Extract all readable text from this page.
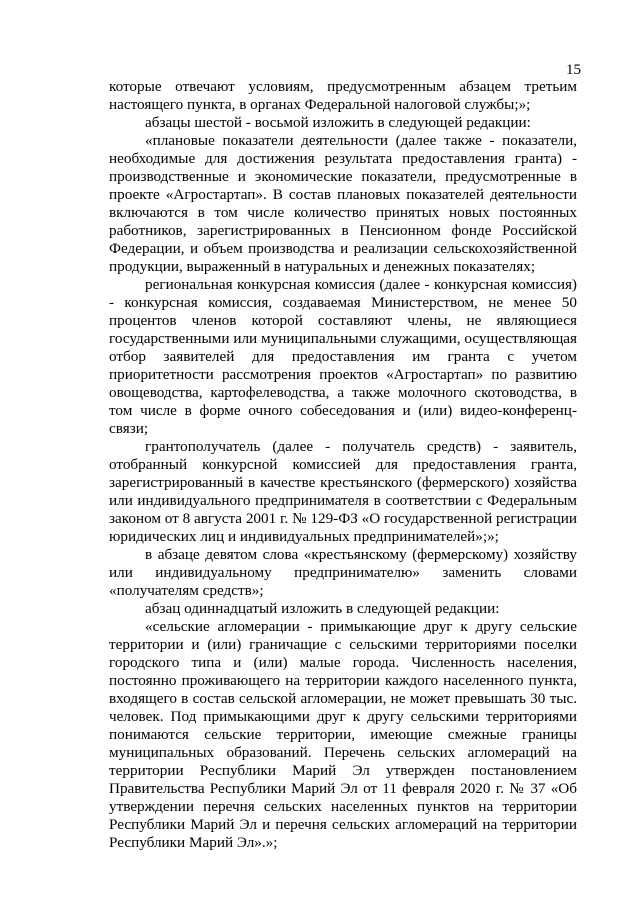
15

которые отвечают условиям, предусмотренным абзацем третьим настоящего пункта, в органах Федеральной налоговой службы;»;

абзацы шестой - восьмой изложить в следующей редакции:

«плановые показатели деятельности (далее также - показатели, необходимые для достижения результата предоставления гранта) - производственные и экономические показатели, предусмотренные в проекте «Агростартап». В состав плановых показателей деятельности включаются в том числе количество принятых новых постоянных работников, зарегистрированных в Пенсионном фонде Российской Федерации, и объем производства и реализации сельскохозяйственной продукции, выраженный в натуральных и денежных показателях;

региональная конкурсная комиссия (далее - конкурсная комиссия) - конкурсная комиссия, создаваемая Министерством, не менее 50 процентов членов которой составляют члены, не являющиеся государственными или муниципальными служащими, осуществляющая отбор заявителей для предоставления им гранта с учетом приоритетности рассмотрения проектов «Агростартап» по развитию овощеводства, картофелеводства, а также молочного скотоводства, в том числе в форме очного собеседования и (или) видео-конференц-связи;

грантополучатель (далее - получатель средств) - заявитель, отобранный конкурсной комиссией для предоставления гранта, зарегистрированный в качестве крестьянского (фермерского) хозяйства или индивидуального предпринимателя в соответствии с Федеральным законом от 8 августа 2001 г. № 129-ФЗ «О государственной регистрации юридических лиц и индивидуальных предпринимателей»;»;

в абзаце девятом слова «крестьянскому (фермерскому) хозяйству или индивидуальному предпринимателю» заменить словами «получателям средств»;

абзац одиннадцатый изложить в следующей редакции:

«сельские агломерации - примыкающие друг к другу сельские территории и (или) граничащие с сельскими территориями поселки городского типа и (или) малые города. Численность населения, постоянно проживающего на территории каждого населенного пункта, входящего в состав сельской агломерации, не может превышать 30 тыс. человек. Под примыкающими друг к другу сельскими территориями понимаются сельские территории, имеющие смежные границы муниципальных образований. Перечень сельских агломераций на территории Республики Марий Эл утвержден постановлением Правительства Республики Марий Эл от 11 февраля 2020 г. № 37 «Об утверждении перечня сельских населенных пунктов на территории Республики Марий Эл и перечня сельских агломераций на территории Республики Марий Эл».»;
